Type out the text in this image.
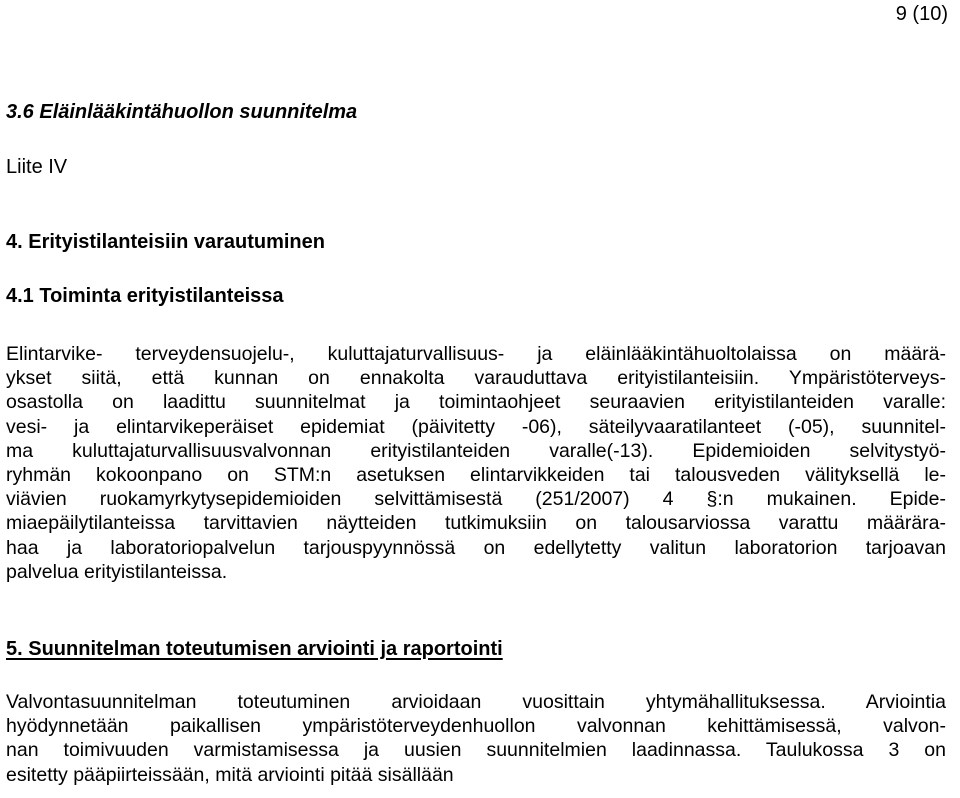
9 (10)
3.6 Eläinlääkintähuollon suunnitelma
Liite IV
4. Erityistilanteisiin varautuminen
4.1 Toiminta erityistilanteissa

Elintarvike- terveydensuojelu-, kuluttajaturvallisuus- ja eläinlääkintähuoltolaissa on määrä-
ykset siitä, että kunnan on ennakolta varauduttava erityistilanteisiin. Ympäristöterveys-
osastolla on laadittu suunnitelmat ja toimintaohjeet seuraavien erityistilanteiden varalle:
vesi- ja elintarvikeperäiset epidemiat (päivitetty -06), säteilyvaaratilanteet (-05), suunnitel-
ma kuluttajaturvallisuusvalvonnan erityistilanteiden varalle(-13). Epidemioiden selvitystyö-
ryhmän kokoonpano on STM:n asetuksen elintarvikkeiden tai talousveden välityksellä le-
viävien ruokamyrkytysepidemioiden selvittämisestä (251/2007) 4 §:n mukainen. Epide-
miaepäilytilanteissa tarvittavien näytteiden tutkimuksiin on talousarviossa varattu määrära-
haa ja laboratoriopalvelun tarjouspyynnössä on edellytetty valitun laboratorion tarjoavan
palvelua erityistilanteissa.

5. Suunnitelman toteutumisen arviointi ja raportointi

Valvontasuunnitelman toteutuminen arvioidaan vuosittain yhtymähallituksessa. Arviointia
hyödynnetään paikallisen ympäristöterveydenhuollon valvonnan kehittämisessä, valvon-
nan toimivuuden varmistamisessa ja uusien suunnitelmien laadinnassa. Taulukossa 3 on
esitetty pääpiirteissään, mitä arviointi pitää sisällään
